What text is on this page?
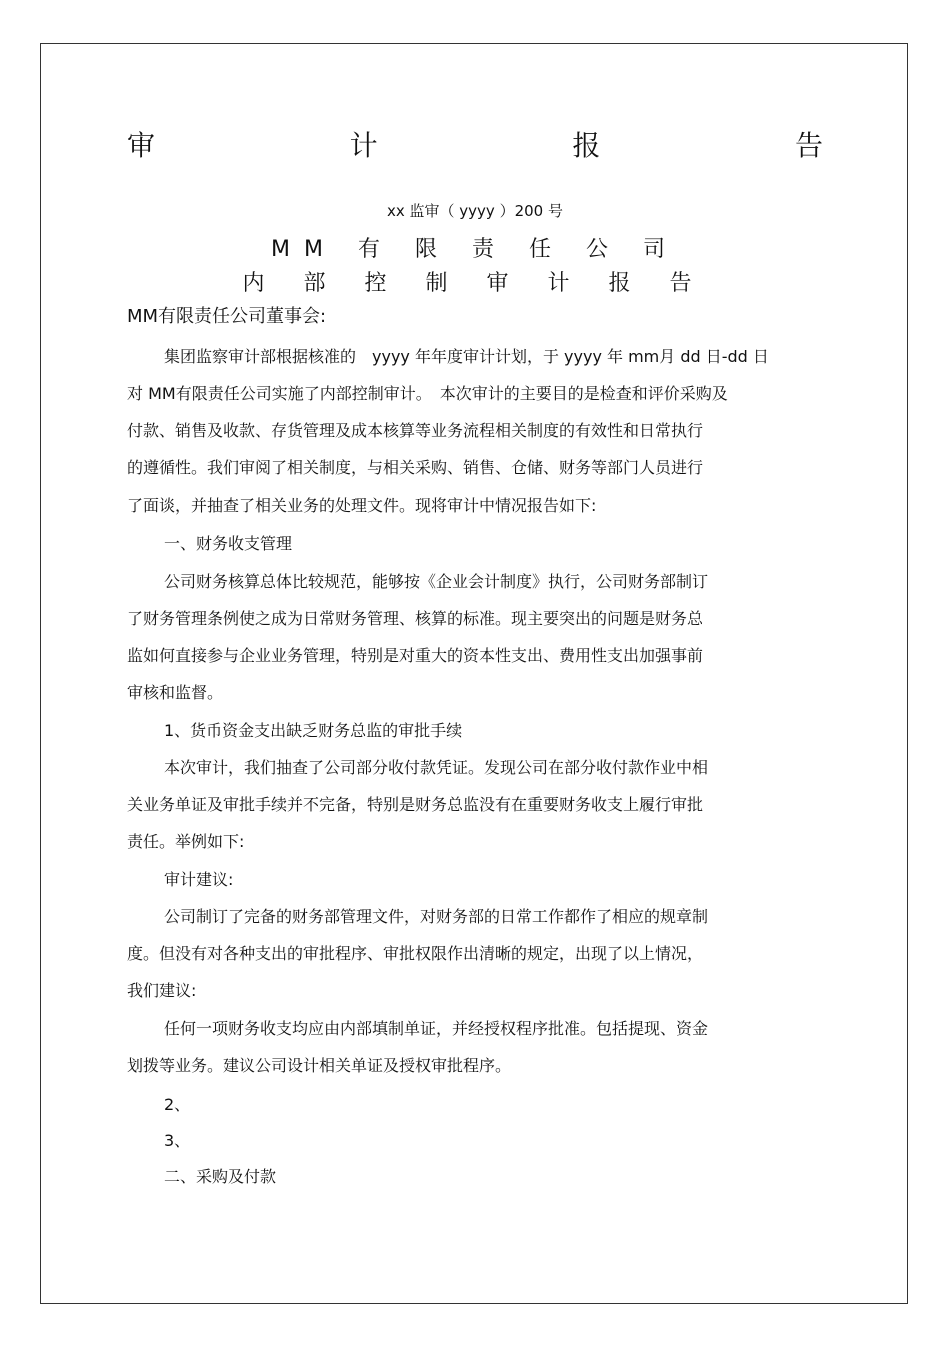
审	计	报	告
xx 监审（ yyyy ）200 号
MM 有 限 责 任 公 司
内 部 控 制 审 计 报 告
MM有限责任公司董事会:
集团监察审计部根据核准的　yyyy 年年度审计计划，于 yyyy 年 mm月 dd 日-dd 日
对 MM有限责任公司实施了内部控制审计。　本次审计的主要目的是检查和评价采购及
付款、销售及收款、存货管理及成本核算等业务流程相关制度的有效性和日常执行
的遵循性。我们审阅了相关制度，与相关采购、销售、仓储、财务等部门人员进行
了面谈，并抽查了相关业务的处理文件。现将审计中情况报告如下:
一、财务收支管理
公司财务核算总体比较规范，能够按《企业会计制度》执行，公司财务部制订
了财务管理条例使之成为日常财务管理、核算的标准。现主要突出的问题是财务总
监如何直接参与企业业务管理，特别是对重大的资本性支出、费用性支出加强事前
审核和监督。
1、货币资金支出缺乏财务总监的审批手续
本次审计，我们抽查了公司部分收付款凭证。发现公司在部分收付款作业中相
关业务单证及审批手续并不完备，特别是财务总监没有在重要财务收支上履行审批
责任。举例如下:
审计建议:
公司制订了完备的财务部管理文件，对财务部的日常工作都作了相应的规章制
度。但没有对各种支出的审批程序、审批权限作出清晰的规定，出现了以上情况，
我们建议:
任何一项财务收支均应由内部填制单证，并经授权程序批准。包括提现、资金
划拨等业务。建议公司设计相关单证及授权审批程序。
2、
3、
二、采购及付款
